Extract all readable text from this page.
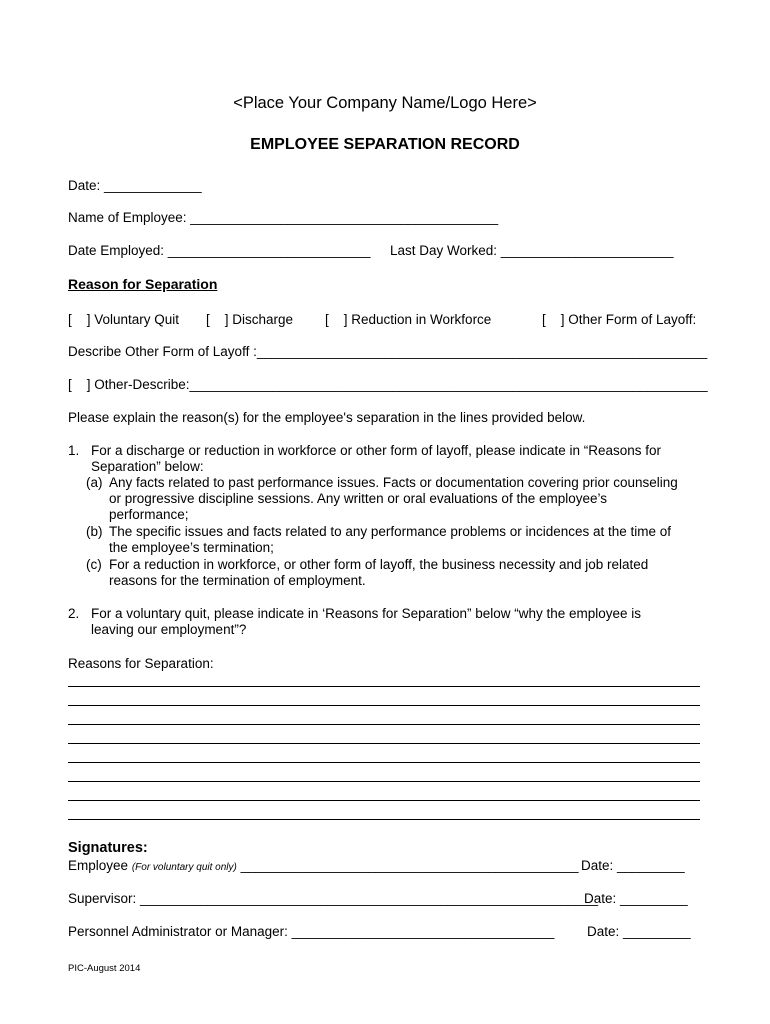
<Place Your Company Name/Logo Here>
EMPLOYEE SEPARATION RECORD
Date: _____________
Name of Employee: _________________________________________
Date Employed: ___________________________ Last Day Worked: _______________________
Reason for Separation
[    ] Voluntary Quit [    ] Discharge [    ] Reduction in Workforce	[    ] Other Form of Layoff:
Describe Other Form of Layoff :____________________________________________________________
[    ] Other-Describe:_____________________________________________________________________
Please explain the reason(s) for the employee's separation in the lines provided below.
1. For a discharge or reduction in workforce or other form of layoff, please indicate in “Reasons for
Separation” below:
(a) Any facts related to past performance issues. Facts or documentation covering prior counseling
or progressive discipline sessions. Any written or oral evaluations of the employee’s
performance;
(b) The specific issues and facts related to any performance problems or incidences at the time of
the employee’s termination;
(c) For a reduction in workforce, or other form of layoff, the business necessity and job related
reasons for the termination of employment.
2. For a voluntary quit, please indicate in ‘Reasons for Separation” below “why the employee is
leaving our employment”?
Reasons for Separation:
Signatures:
Employee (For voluntary quit only) _____________________________________________ Date: _________
Supervisor: _____________________________________________________________
Date: _________
Personnel Administrator or Manager: ___________________________________ Date: _________
PIC-August 2014
